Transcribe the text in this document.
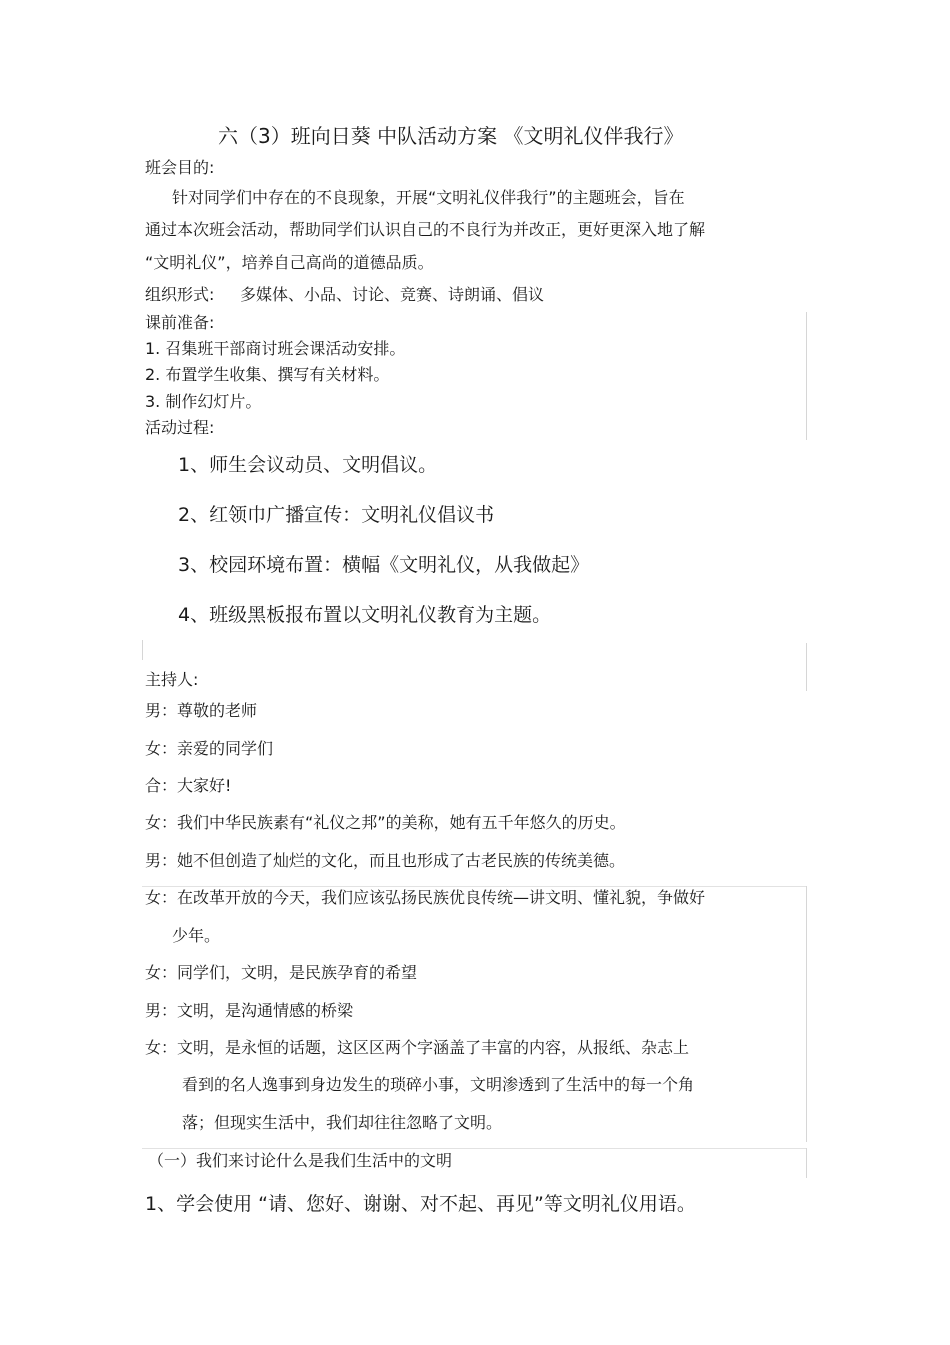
六（3）班向日葵 中队活动方案 《文明礼仪伴我行》
班会目的:
针对同学们中存在的不良现象，开展“文明礼仪伴我行”的主题班会，旨在
通过本次班会活动，帮助同学们认识自己的不良行为并改正，更好更深入地了解
“文明礼仪”，培养自己高尚的道德品质。
组织形式: 多媒体、小品、讨论、竞赛、诗朗诵、倡议
课前准备:
1. 召集班干部商讨班会课活动安排。
2. 布置学生收集、撰写有关材料。
3. 制作幻灯片。
活动过程:
1、师生会议动员、文明倡议。
2、红领巾广播宣传：文明礼仪倡议书
3、校园环境布置：横幅《文明礼仪，从我做起》
4、班级黑板报布置以文明礼仪教育为主题。
主持人:
男：尊敬的老师
女：亲爱的同学们
合：大家好!
女：我们中华民族素有“礼仪之邦”的美称，她有五千年悠久的历史。
男：她不但创造了灿烂的文化，而且也形成了古老民族的传统美德。
女：在改革开放的今天，我们应该弘扬民族优良传统—讲文明、懂礼貌，争做好
少年。
女：同学们，文明，是民族孕育的希望
男：文明，是沟通情感的桥梁
女：文明，是永恒的话题，这区区两个字涵盖了丰富的内容，从报纸、杂志上
看到的名人逸事到身边发生的琐碎小事，文明渗透到了生活中的每一个角
落；但现实生活中，我们却往往忽略了文明。
（一）我们来讨论什么是我们生活中的文明
1、学会使用 “请、您好、谢谢、对不起、再见”等文明礼仪用语。
